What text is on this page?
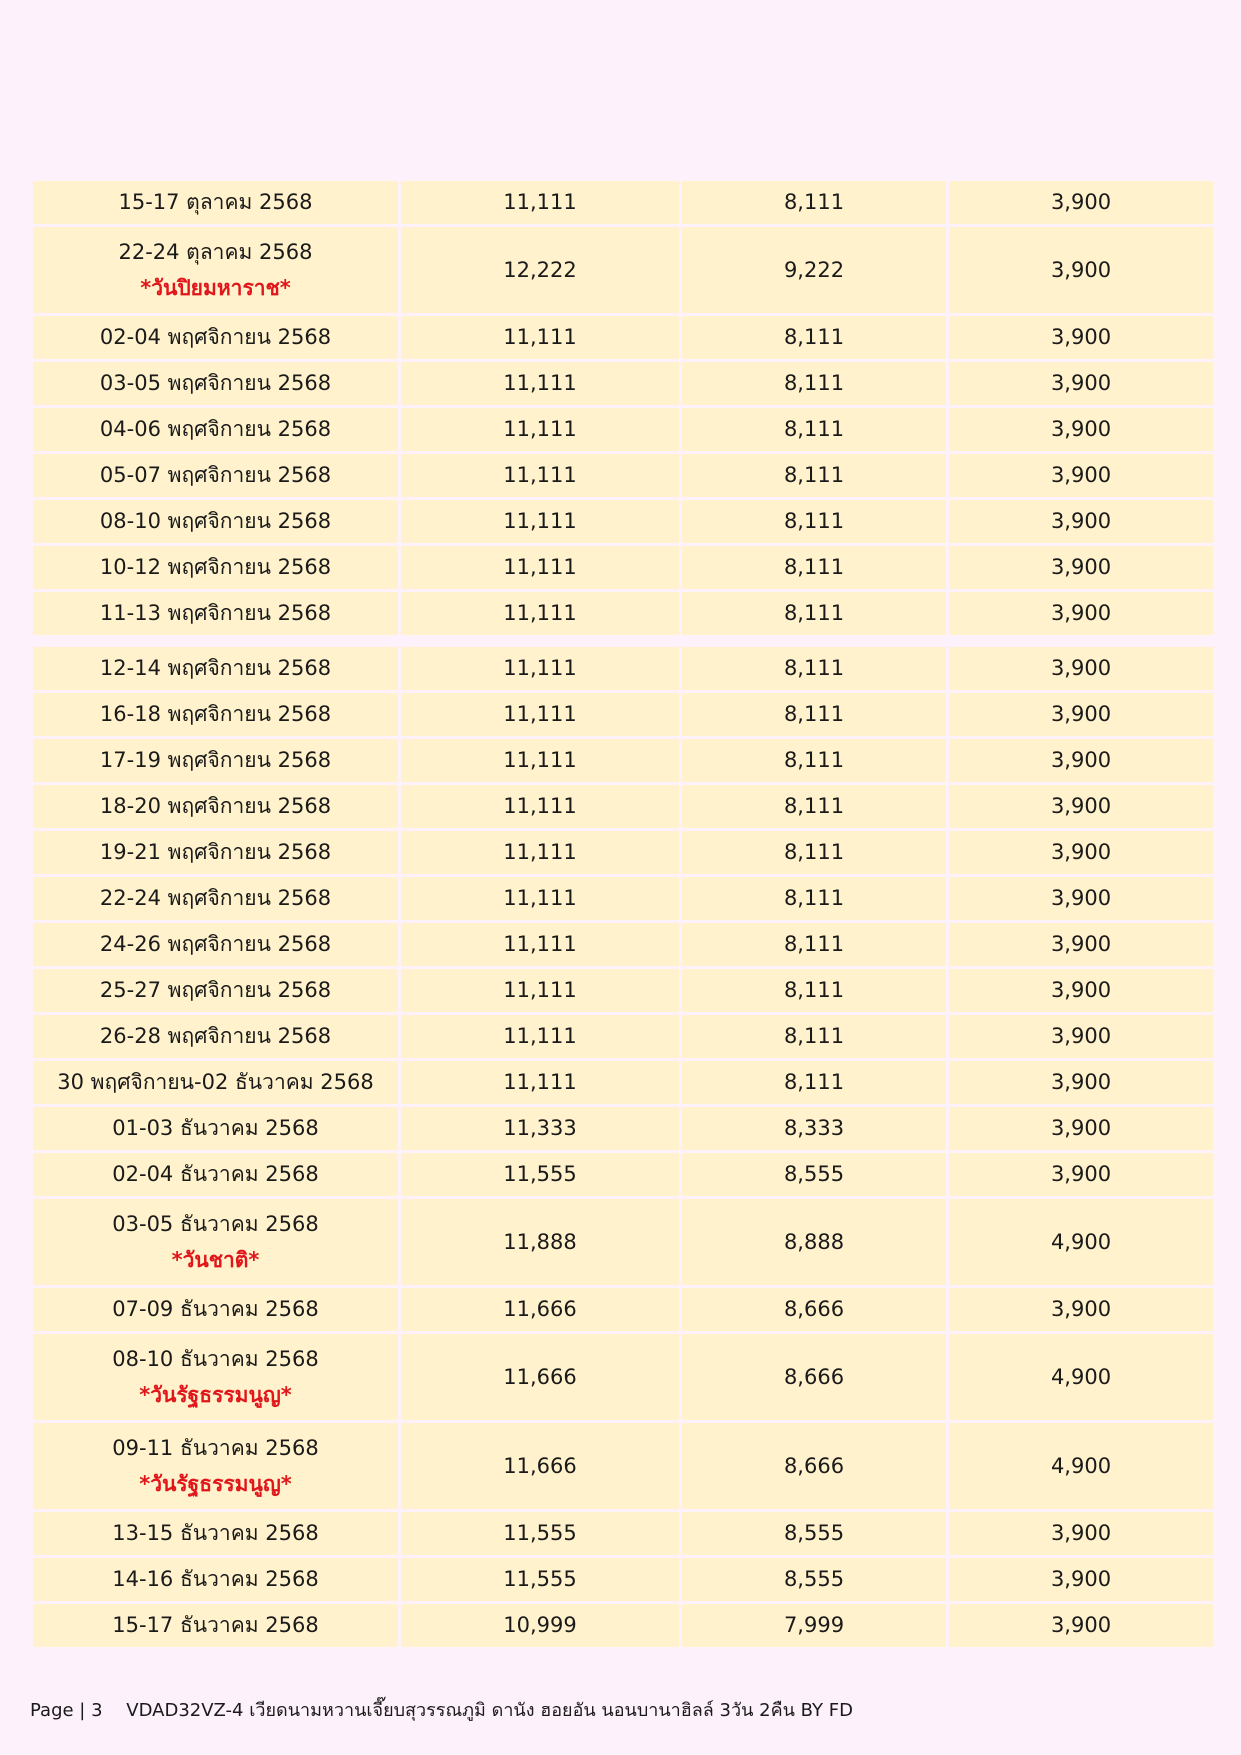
15-17 ตุลาคม 2568	11,111	8,111	3,900
22-24 ตุลาคม 2568
*วันปิยมหาราช*	12,222	9,222	3,900
02-04 พฤศจิกายน 2568	11,111	8,111	3,900
03-05 พฤศจิกายน 2568	11,111	8,111	3,900
04-06 พฤศจิกายน 2568	11,111	8,111	3,900
05-07 พฤศจิกายน 2568	11,111	8,111	3,900
08-10 พฤศจิกายน 2568	11,111	8,111	3,900
10-12 พฤศจิกายน 2568	11,111	8,111	3,900
11-13 พฤศจิกายน 2568	11,111	8,111	3,900

12-14 พฤศจิกายน 2568	11,111	8,111	3,900
16-18 พฤศจิกายน 2568	11,111	8,111	3,900
17-19 พฤศจิกายน 2568	11,111	8,111	3,900
18-20 พฤศจิกายน 2568	11,111	8,111	3,900
19-21 พฤศจิกายน 2568	11,111	8,111	3,900
22-24 พฤศจิกายน 2568	11,111	8,111	3,900
24-26 พฤศจิกายน 2568	11,111	8,111	3,900
25-27 พฤศจิกายน 2568	11,111	8,111	3,900
26-28 พฤศจิกายน 2568	11,111	8,111	3,900
30 พฤศจิกายน-02 ธันวาคม 2568	11,111	8,111	3,900
01-03 ธันวาคม 2568	11,333	8,333	3,900
02-04 ธันวาคม 2568	11,555	8,555	3,900
03-05 ธันวาคม 2568
*วันชาติ*	11,888	8,888	4,900
07-09 ธันวาคม 2568	11,666	8,666	3,900
08-10 ธันวาคม 2568
*วันรัฐธรรมนูญ*	11,666	8,666	4,900
09-11 ธันวาคม 2568
*วันรัฐธรรมนูญ*	11,666	8,666	4,900
13-15 ธันวาคม 2568	11,555	8,555	3,900
14-16 ธันวาคม 2568	11,555	8,555	3,900
15-17 ธันวาคม 2568	10,999	7,999	3,900
Page | 3 VDAD32VZ-4 เวียดนามหวานเจี๊ยบสุวรรณภูมิ ดานัง ฮอยอัน นอนบานาฮิลล์ 3วัน 2คืน BY FD
